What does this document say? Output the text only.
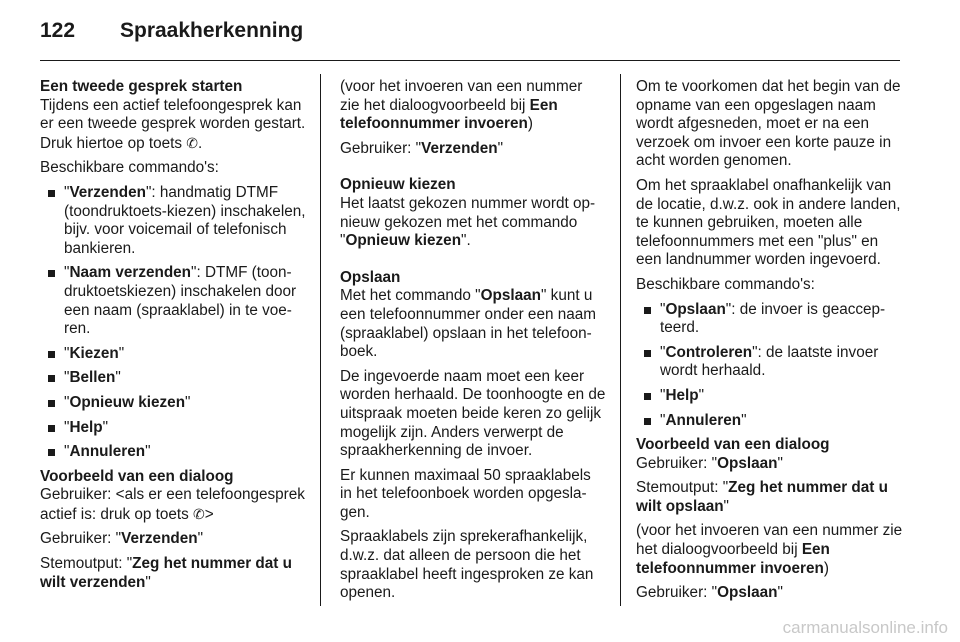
122 Spraakherkenning
Een tweede gesprek starten

Tijdens een actief telefoongesprek kan er een tweede gesprek worden gestart. Druk hiertoe op toets ✆.

Beschikbare commando's:

"Verzenden": handmatig DTMF (toondruktoets-kiezen) inschakelen, bijv. voor voicemail of telefonisch bankieren.
"Naam verzenden": DTMF (toondruktoetskiezen) inschakelen door een naam (spraaklabel) in te voeren.
"Kiezen"
"Bellen"
"Opnieuw kiezen"
"Help"
"Annuleren"
Voorbeeld van een dialoog

Gebruiker: <als er een telefoongesprek actief is: druk op toets ✆>

Gebruiker: "Verzenden"

Stemoutput: "Zeg het nummer dat u wilt verzenden"

(voor het invoeren van een nummer zie het dialoogvoorbeeld bij Een telefoonnummer invoeren)

Gebruiker: "Verzenden"

Opnieuw kiezen

Het laatst gekozen nummer wordt opnieuw gekozen met het commando "Opnieuw kiezen".

Opslaan

Met het commando "Opslaan" kunt u een telefoonnummer onder een naam (spraaklabel) opslaan in het telefoonboek.

De ingevoerde naam moet een keer worden herhaald. De toonhoogte en de uitspraak moeten beide keren zo gelijk mogelijk zijn. Anders verwerpt de spraakherkenning de invoer.

Er kunnen maximaal 50 spraaklabels in het telefoonboek worden opgeslagen.

Spraaklabels zijn sprekerafhankelijk, d.w.z. dat alleen de persoon die het spraaklabel heeft ingesproken ze kan openen.

Om te voorkomen dat het begin van de opname van een opgeslagen naam wordt afgesneden, moet er na een verzoek om invoer een korte pauze in acht worden genomen.

Om het spraaklabel onafhankelijk van de locatie, d.w.z. ook in andere landen, te kunnen gebruiken, moeten alle telefoonnummers met een "plus" en een landnummer worden ingevoerd.

Beschikbare commando's:

"Opslaan": de invoer is geaccepteerd.
"Controleren": de laatste invoer wordt herhaald.
"Help"
"Annuleren"
Voorbeeld van een dialoog

Gebruiker: "Opslaan"

Stemoutput: "Zeg het nummer dat u wilt opslaan"

(voor het invoeren van een nummer zie het dialoogvoorbeeld bij Een telefoonnummer invoeren)

Gebruiker: "Opslaan"

carmanualsonline.info
